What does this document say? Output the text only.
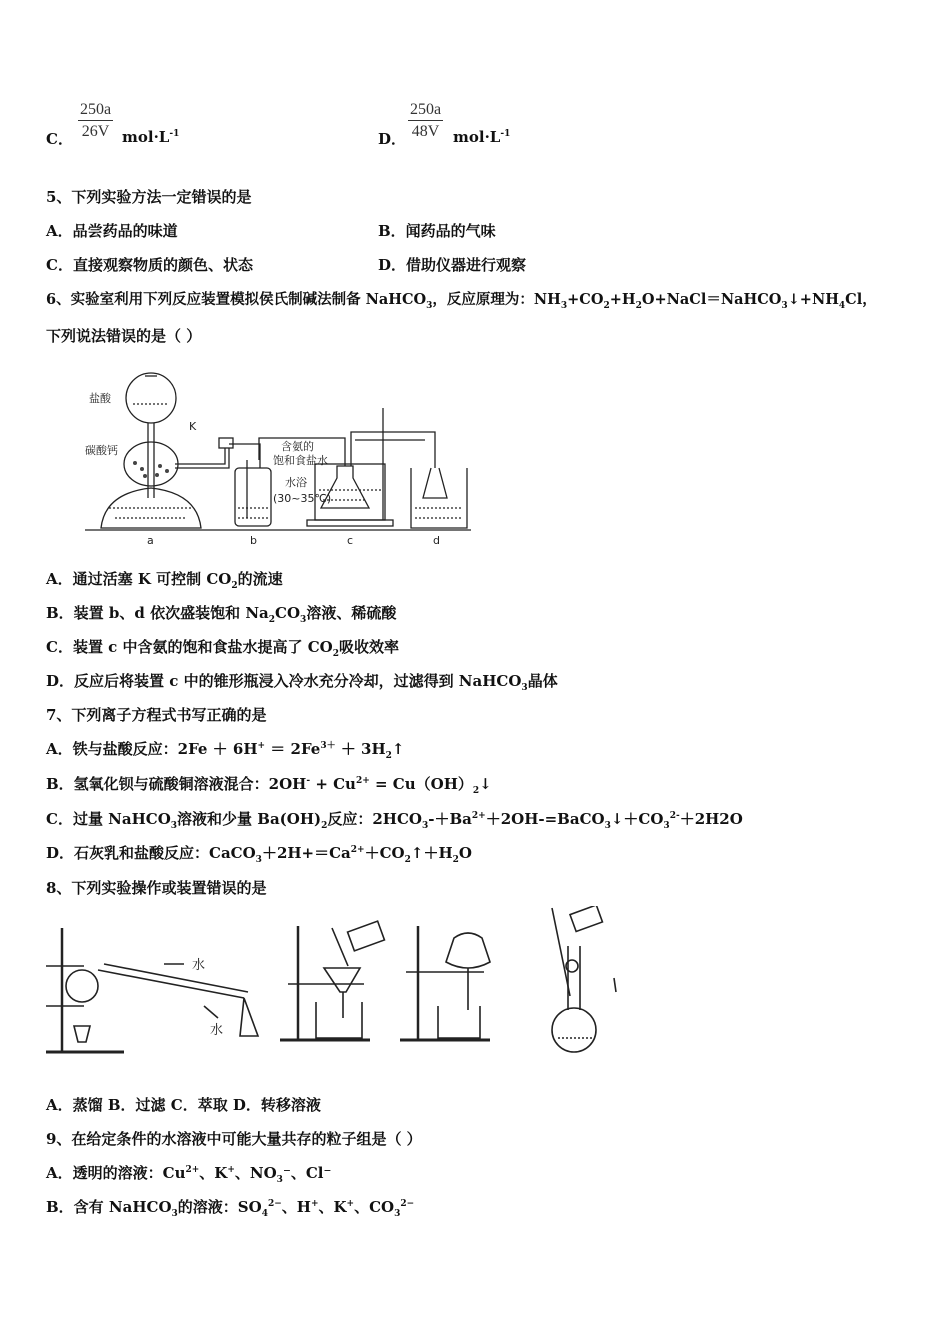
C． $\frac{250a}{26V} mol\cdot L^{-1}$	D． $\frac{250a}{48V} mol\cdot L^{-1}$
5、下列实验方法一定错误的是
A．品尝药品的味道	B．闻药品的气味
C．直接观察物质的颜色、状态	D．借助仪器进行观察
6、实验室利用下列反应装置模拟侯氏制碱法制备 NaHCO$_3$，反应原理为：$NH_3+CO_2+H_2O+NaCl=NaHCO_3↓+NH_4Cl$，
下列说法错误的是（ ）
盐酸
碳酸钙
K
含氨的
饱和食盐水
水浴
(30~35℃)
a	b	c	d
A．通过活塞 K 可控制 $CO_2$的流速
B．装置 b、d 依次盛装饱和 $Na_2CO_3$溶液、稀硫酸
C．装置 c 中含氨的饱和食盐水提高了 $CO_2$吸收效率
D．反应后将装置 c 中的锥形瓶浸入冷水充分冷却，过滤得到 NaHCO$_3$晶体
7、下列离子方程式书写正确的是
A．铁与盐酸反应：$2Fe + 6H^+ = 2Fe^{3+}$ ＋ $3H_2↑$
B．氢氧化钡与硫酸铜溶液混合：$2OH^- + Cu^{2+}$ = $Cu(OH)_2↓$
C．过量 NaHCO$_3$溶液和少量 $Ba(OH)_2$反应：$2HCO_3-+Ba^{2+}+2OH-=BaCO_3↓+CO_3^{2-}+2H2O$
D．石灰乳和盐酸反应：$CaCO_3+2H+=Ca^{2+}+CO_2↑+H_2O$
8、下列实验操作或装置错误的是
水
水
A．蒸馏 B．过滤 C．萃取 D．转移溶液
9、在给定条件的水溶液中可能大量共存的粒子组是（ ）
A．透明的溶液：$Cu^{2+}$、K+、$NO_3^-$、Cl⁻
B．含有 NaHCO$_3$的溶液：$SO_4^{2-}$、H+、K+、$CO_3^{2-}$
